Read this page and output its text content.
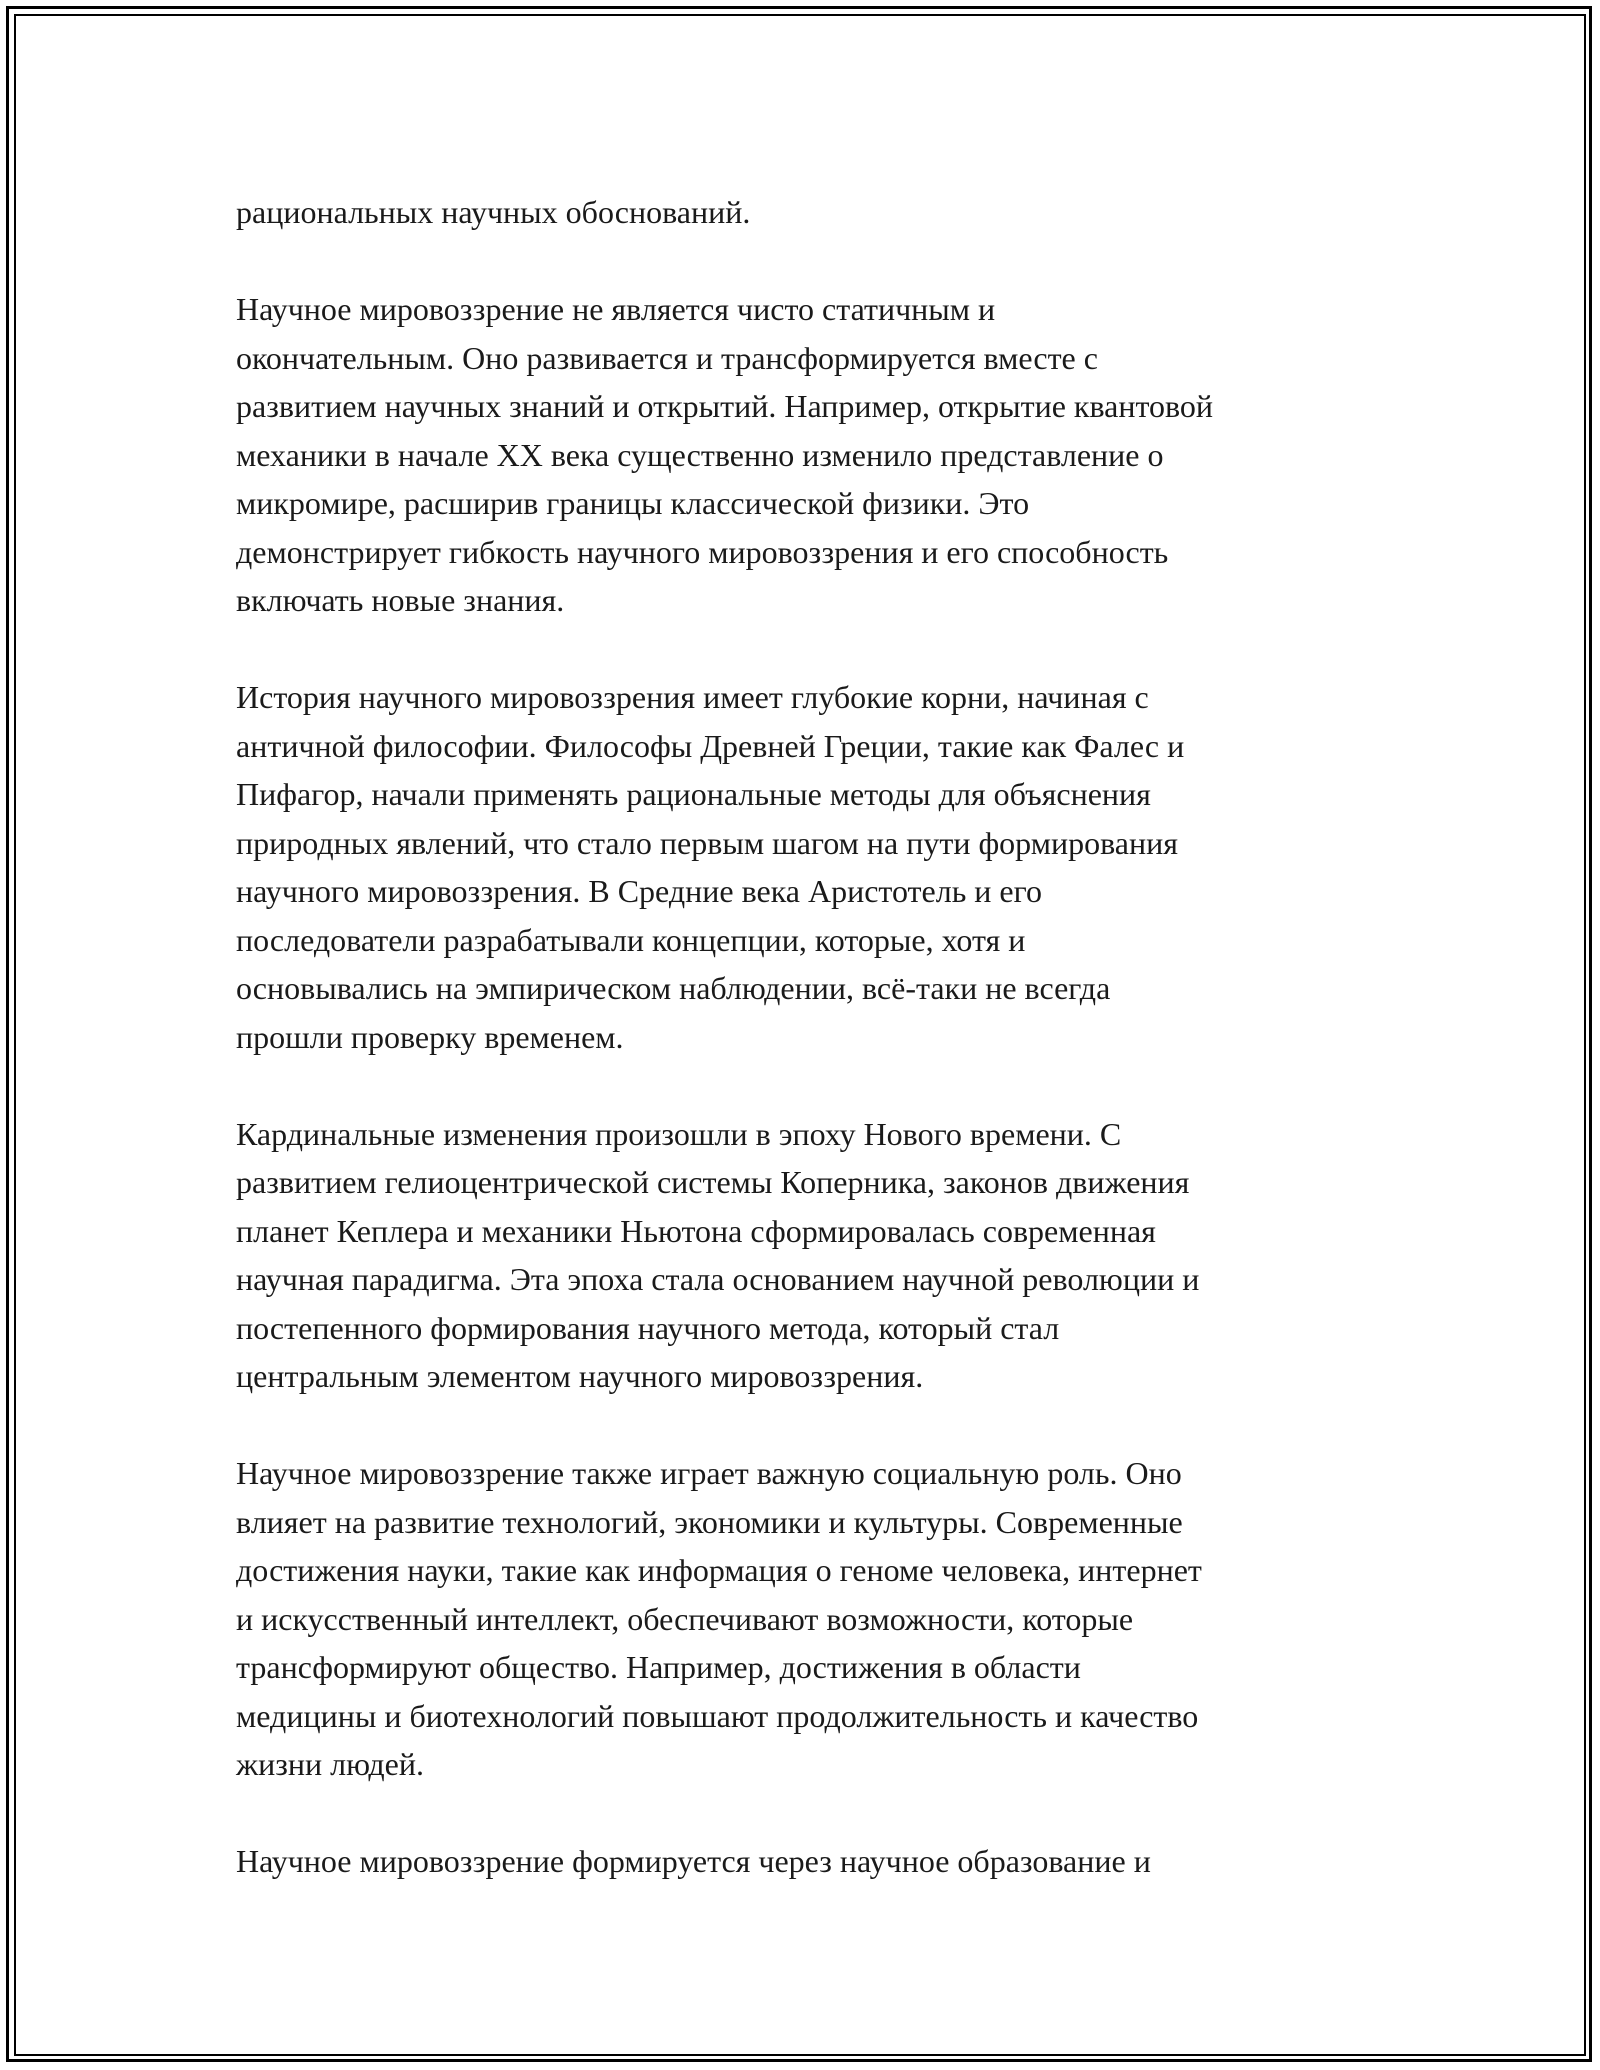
рациональных научных обоснований.

Научное мировоззрение не является чисто статичным и
окончательным. Оно развивается и трансформируется вместе с
развитием научных знаний и открытий. Например, открытие квантовой
механики в начале XX века существенно изменило представление о
микромире, расширив границы классической физики. Это
демонстрирует гибкость научного мировоззрения и его способность
включать новые знания.

История научного мировоззрения имеет глубокие корни, начиная с
античной философии. Философы Древней Греции, такие как Фалес и
Пифагор, начали применять рациональные методы для объяснения
природных явлений, что стало первым шагом на пути формирования
научного мировоззрения. В Средние века Аристотель и его
последователи разрабатывали концепции, которые, хотя и
основывались на эмпирическом наблюдении, всё-таки не всегда
прошли проверку временем.

Кардинальные изменения произошли в эпоху Нового времени. С
развитием гелиоцентрической системы Коперника, законов движения
планет Кеплера и механики Ньютона сформировалась современная
научная парадигма. Эта эпоха стала основанием научной революции и
постепенного формирования научного метода, который стал
центральным элементом научного мировоззрения.

Научное мировоззрение также играет важную социальную роль. Оно
влияет на развитие технологий, экономики и культуры. Современные
достижения науки, такие как информация о геноме человека, интернет
и искусственный интеллект, обеспечивают возможности, которые
трансформируют общество. Например, достижения в области
медицины и биотехнологий повышают продолжительность и качество
жизни людей.

Научное мировоззрение формируется через научное образование и
